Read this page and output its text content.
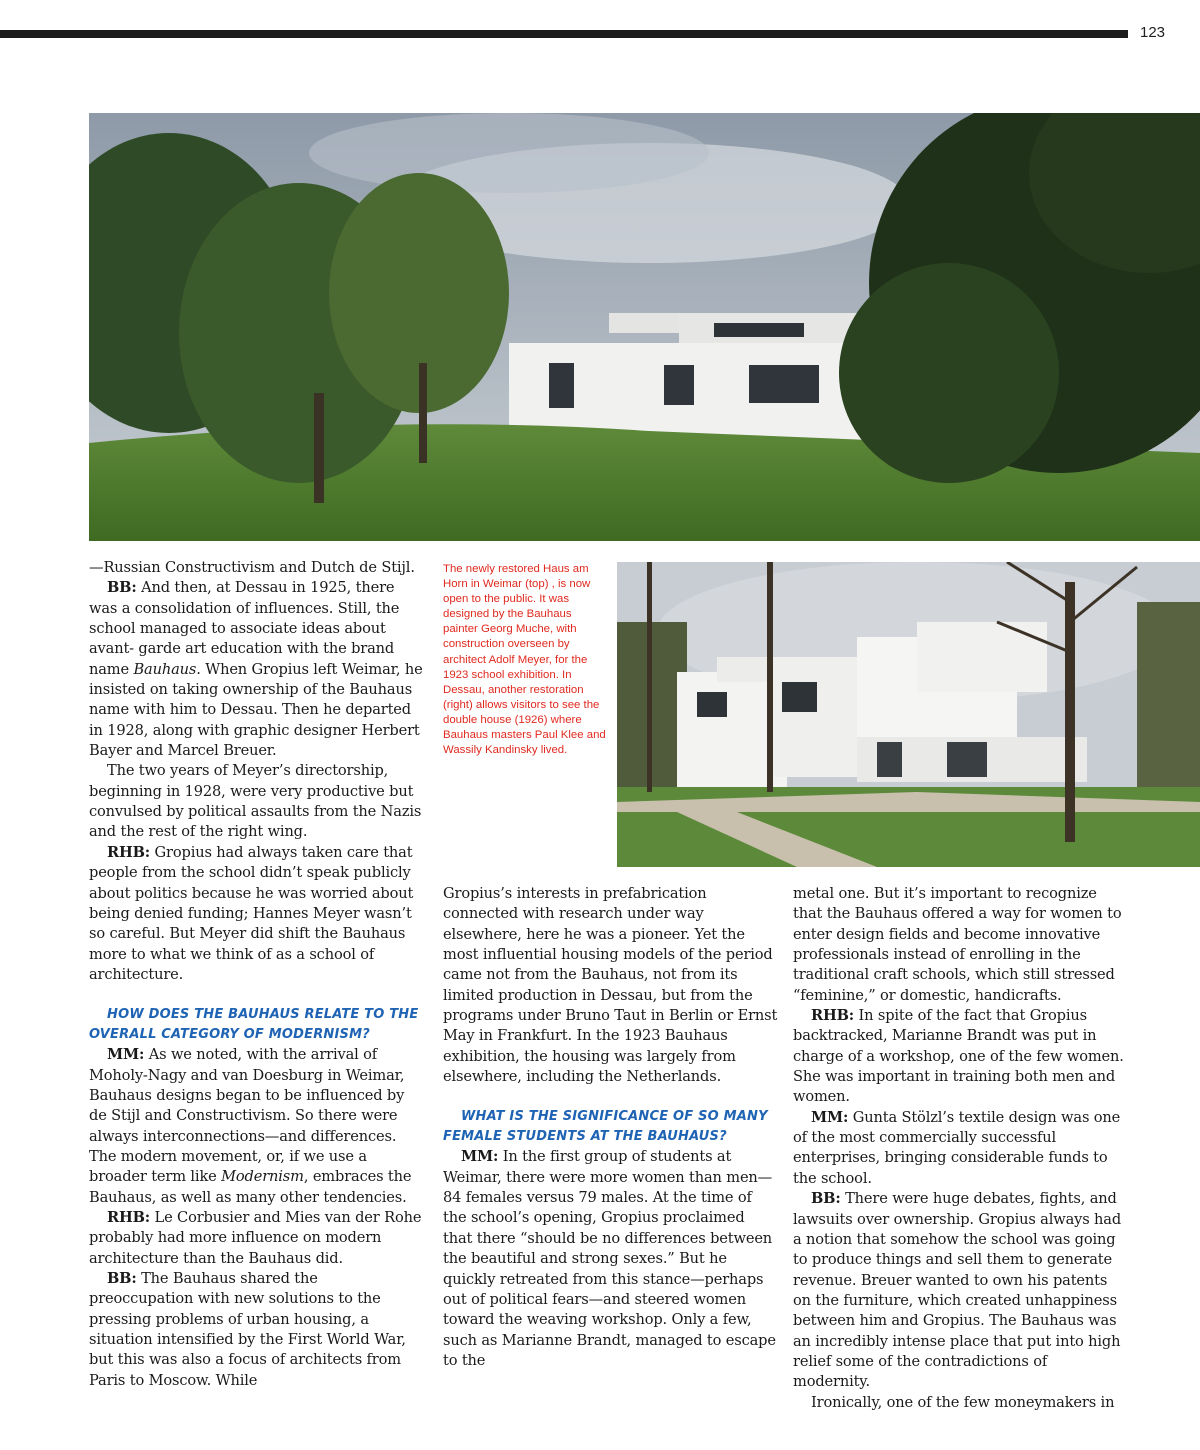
123
The newly restored Haus am Horn in Weimar (top) , is now open to the public. It was designed by the Bauhaus painter Georg Muche, with construction overseen by architect Adolf Meyer, for the 1923 school exhibition. In Dessau, another restoration (right) allows visitors to see the double house (1926) where Bauhaus masters Paul Klee and Wassily Kandinsky lived.

—Russian Constructivism and Dutch de Stijl.

BB: And then, at Dessau in 1925, there was a consolidation of influences. Still, the school managed to associate ideas about avant- garde art education with the brand name Bauhaus. When Gropius left Weimar, he insisted on taking ownership of the Bauhaus name with him to Dessau. Then he departed in 1928, along with graphic designer Herbert Bayer and Marcel Breuer.

The two years of Meyer’s directorship, beginning in 1928, were very productive but convulsed by political assaults from the Nazis and the rest of the right wing.

RHB: Gropius had always taken care that people from the school didn’t speak publicly about politics because he was worried about being denied funding; Hannes Meyer wasn’t so careful. But Meyer did shift the Bauhaus more to what we think of as a school of architecture.

HOW DOES THE BAUHAUS RELATE TO THE OVERALL CATEGORY OF MODERNISM?

MM: As we noted, with the arrival of Moholy-Nagy and van Doesburg in Weimar, Bauhaus designs began to be influenced by de Stijl and Constructivism. So there were always interconnections—and differences. The modern movement, or, if we use a broader term like Modernism, embraces the Bauhaus, as well as many other tendencies.

RHB: Le Corbusier and Mies van der Rohe probably had more influence on modern architecture than the Bauhaus did.

BB: The Bauhaus shared the preoccupation with new solutions to the pressing problems of urban housing, a situation intensified by the First World War, but this was also a focus of architects from Paris to Moscow. While

Gropius’s interests in prefabrication connected with research under way elsewhere, here he was a pioneer. Yet the most influential housing models of the period came not from the Bauhaus, not from its limited production in Dessau, but from the programs under Bruno Taut in Berlin or Ernst May in Frankfurt. In the 1923 Bauhaus exhibition, the housing was largely from elsewhere, including the Netherlands.

WHAT IS THE SIGNIFICANCE OF SO MANY FEMALE STUDENTS AT THE BAUHAUS?

MM: In the first group of students at Weimar, there were more women than men—84 females versus 79 males. At the time of the school’s opening, Gropius proclaimed that there “should be no differences between the beautiful and strong sexes.” But he quickly retreated from this stance—perhaps out of political fears—and steered women toward the weaving workshop. Only a few, such as Marianne Brandt, managed to escape to the

metal one. But it’s important to recognize that the Bauhaus offered a way for women to enter design fields and become innovative professionals instead of enrolling in the traditional craft schools, which still stressed “feminine,” or domestic, handicrafts.

RHB: In spite of the fact that Gropius backtracked, Marianne Brandt was put in charge of a workshop, one of the few women. She was important in training both men and women.

MM: Gunta Stölzl’s textile design was one of the most commercially successful enterprises, bringing considerable funds to the school.

BB: There were huge debates, fights, and lawsuits over ownership. Gropius always had a notion that somehow the school was going to produce things and sell them to generate revenue. Breuer wanted to own his patents on the furniture, which created unhappiness between him and Gropius. The Bauhaus was an incredibly intense place that put into high relief some of the contradictions of modernity.

Ironically, one of the few moneymakers in
